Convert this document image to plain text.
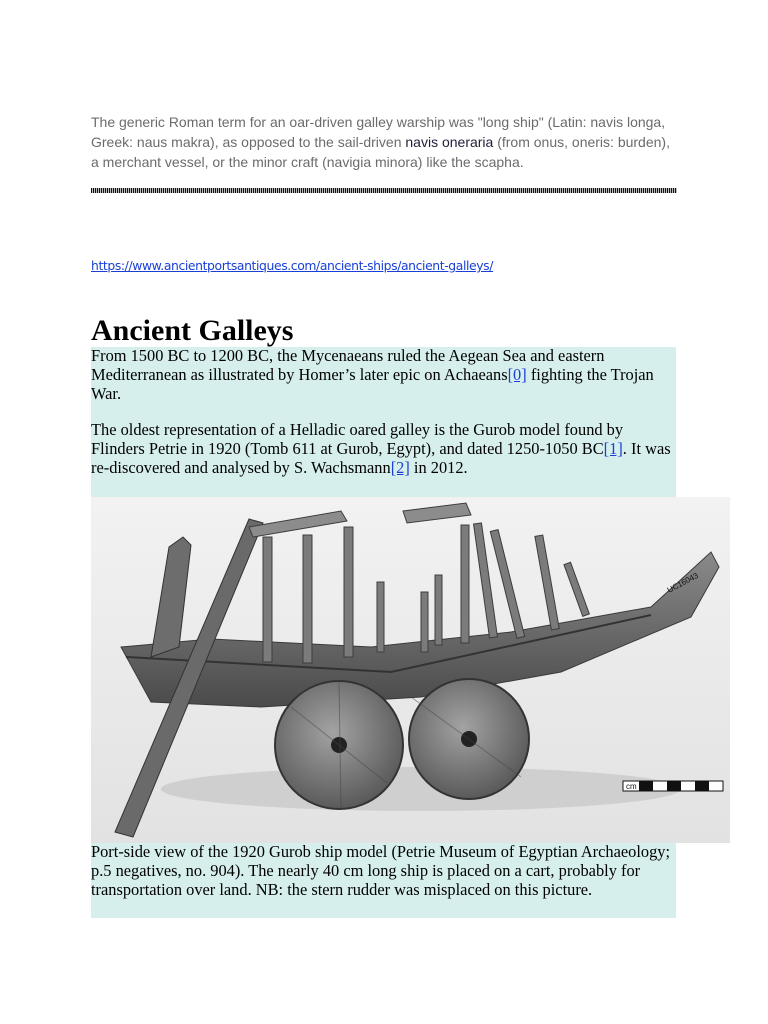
The generic Roman term for an oar-driven galley warship was "long ship" (Latin: navis longa, Greek: naus makra), as opposed to the sail-driven navis oneraria (from onus, oneris: burden), a merchant vessel, or the minor craft (navigia minora) like the scapha.
https://www.ancientportsantiques.com/ancient-ships/ancient-galleys/
Ancient Galleys

From 1500 BC to 1200 BC, the Mycenaeans ruled the Aegean Sea and eastern Mediterranean as illustrated by Homer’s later epic on Achaeans[0] fighting the Trojan War.

The oldest representation of a Helladic oared galley is the Gurob model found by Flinders Petrie in 1920 (Tomb 611 at Gurob, Egypt), and dated 1250-1050 BC[1]. It was re-discovered and analysed by S. Wachsmann[2] in 2012.

cm
UC16043
Port-side view of the 1920 Gurob ship model (Petrie Museum of Egyptian Archaeology; p.5 negatives, no. 904). The nearly 40 cm long ship is placed on a cart, probably for transportation over land. NB: the stern rudder was misplaced on this picture.
